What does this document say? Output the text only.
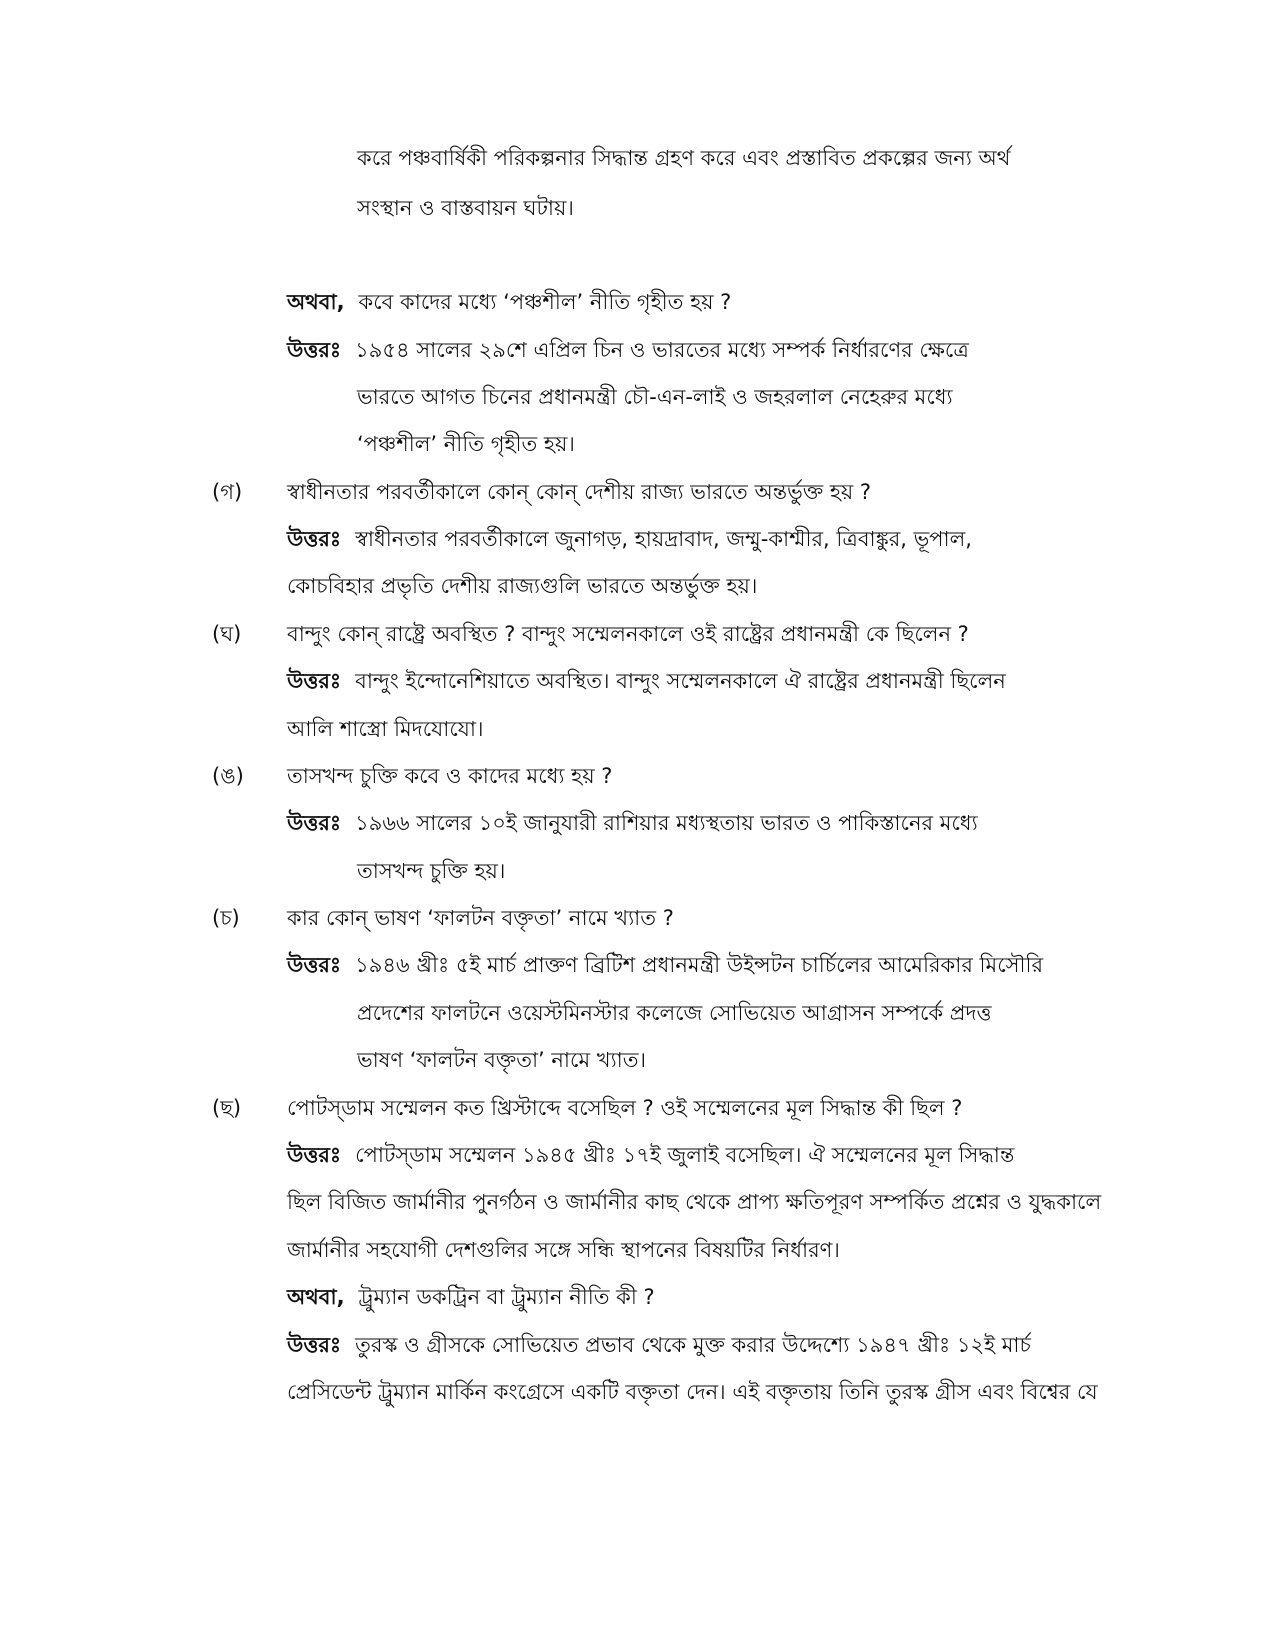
করে পঞ্চবার্ষিকী পরিকল্পনার সিদ্ধান্ত গ্রহণ করে এবং প্রস্তাবিত প্রকল্পের জন্য অর্থ
সংস্থান ও বাস্তবায়ন ঘটায়।
অথবা, কবে কাদের মধ্যে ‘পঞ্চশীল’ নীতি গৃহীত হয় ?
উত্তরঃ ১৯৫৪ সালের ২৯শে এপ্রিল চিন ও ভারতের মধ্যে সম্পর্ক নির্ধারণের ক্ষেত্রে
ভারতে আগত চিনের প্রধানমন্ত্রী চৌ-এন-লাই ও জহরলাল নেহেরুর মধ্যে
‘পঞ্চশীল’ নীতি গৃহীত হয়।
(গ) স্বাধীনতার পরবর্তীকালে কোন্ কোন্ দেশীয় রাজ্য ভারতে অন্তর্ভুক্ত হয় ?
উত্তরঃ স্বাধীনতার পরবর্তীকালে জুনাগড়, হায়দ্রাবাদ, জম্মু-কাশ্মীর, ত্রিবাঙ্কুর, ভূপাল,
কোচবিহার প্রভৃতি দেশীয় রাজ্যগুলি ভারতে অন্তর্ভুক্ত হয়।
(ঘ) বান্দুং কোন্ রাষ্ট্রে অবস্থিত ? বান্দুং সম্মেলনকালে ওই রাষ্ট্রের প্রধানমন্ত্রী কে ছিলেন ?
উত্তরঃ বান্দুং ইন্দোনেশিয়াতে অবস্থিত। বান্দুং সম্মেলনকালে ঐ রাষ্ট্রের প্রধানমন্ত্রী ছিলেন
আলি শাস্ত্রো মিদযোযো।
(ঙ) তাসখন্দ চুক্তি কবে ও কাদের মধ্যে হয় ?
উত্তরঃ ১৯৬৬ সালের ১০ই জানুযারী রাশিয়ার মধ্যস্থতায় ভারত ও পাকিস্তানের মধ্যে
তাসখন্দ চুক্তি হয়।
(চ) কার কোন্ ভাষণ ‘ফালটন বক্তৃতা’ নামে খ্যাত ?
উত্তরঃ ১৯৪৬ খ্রীঃ ৫ই মার্চ প্রাক্তণ ব্রিটিশ প্রধানমন্ত্রী উইন্সটন চার্চিলের আমেরিকার মিসৌরি
প্রদেশের ফালটনে ওয়েস্টমিনস্টার কলেজে সোভিয়েত আগ্রাসন সম্পর্কে প্রদত্ত
ভাষণ ‘ফালটন বক্তৃতা’ নামে খ্যাত।
(ছ) পোটস্‌ডাম সম্মেলন কত খ্রিস্টাব্দে বসেছিল ? ওই সম্মেলনের মূল সিদ্ধান্ত কী ছিল ?
উত্তরঃ পোটস্‌ডাম সম্মেলন ১৯৪৫ খ্রীঃ ১৭ই জুলাই বসেছিল। ঐ সম্মেলনের মূল সিদ্ধান্ত
ছিল বিজিত জার্মানীর পুনর্গঠন ও জার্মানীর কাছ থেকে প্রাপ্য ক্ষতিপূরণ সম্পর্কিত প্রশ্নের ও যুদ্ধকালে
জার্মানীর সহযোগী দেশগুলির সঙ্গে সন্ধি স্থাপনের বিষয়টির নির্ধারণ।
অথবা, ট্রুম্যান ডকট্রিন বা ট্রুম্যান নীতি কী ?
উত্তরঃ তুরস্ক ও গ্রীসকে সোভিয়েত প্রভাব থেকে মুক্ত করার উদ্দেশ্যে ১৯৪৭ খ্রীঃ ১২ই মার্চ
প্রেসিডেন্ট ট্রুম্যান মার্কিন কংগ্রেসে একটি বক্তৃতা দেন। এই বক্তৃতায় তিনি তুরস্ক গ্রীস এবং বিশ্বের যে
